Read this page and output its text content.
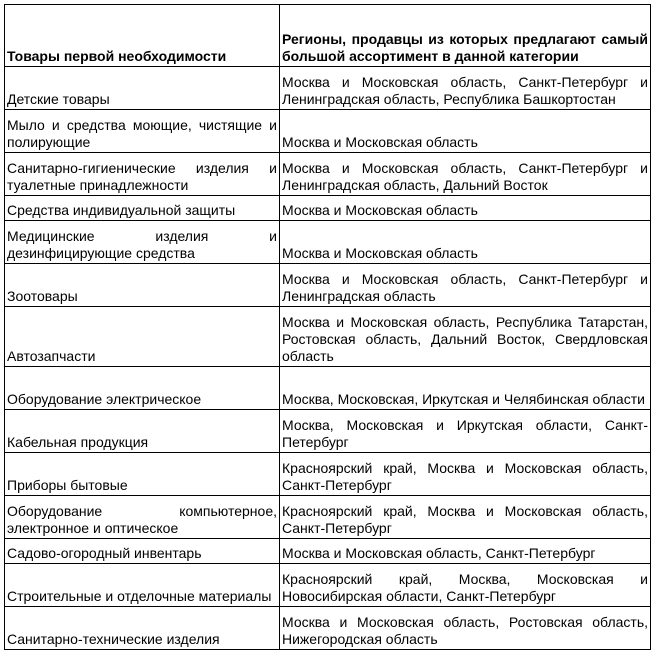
Товары первой необходимости	Регионы, продавцы из которых предлагают самый большой ассортимент в данной категории
Детские товары	Москва и Московская область, Санкт-Петербург и Ленинградская область, Республика Башкортостан
Мыло и средства моющие, чистящие и полирующие	Москва и Московская область
Санитарно-гигиенические изделия и туалетные принадлежности	Москва и Московская область, Санкт-Петербург и Ленинградская область, Дальний Восток
Средства индивидуальной защиты	Москва и Московская область
Медицинские изделия и дезинфицирующие средства	Москва и Московская область
Зоотовары	Москва и Московская область, Санкт-Петербург и Ленинградская область
Автозапчасти	Москва и Московская область, Республика Татарстан, Ростовская область, Дальний Восток, Свердловская область
Оборудование электрическое	Москва, Московская, Иркутская и Челябинская области
Кабельная продукция	Москва, Московская и Иркутская области, Санкт-Петербург
Приборы бытовые	Красноярский край, Москва и Московская область, Санкт-Петербург
Оборудование компьютерное, электронное и оптическое	Красноярский край, Москва и Московская область, Санкт-Петербург
Садово-огородный инвентарь	Москва и Московская область, Санкт-Петербург
Строительные и отделочные материалы	Красноярский край, Москва, Московская и Новосибирская области, Санкт-Петербург
Санитарно-технические изделия	Москва и Московская область, Ростовская область, Нижегородская область
